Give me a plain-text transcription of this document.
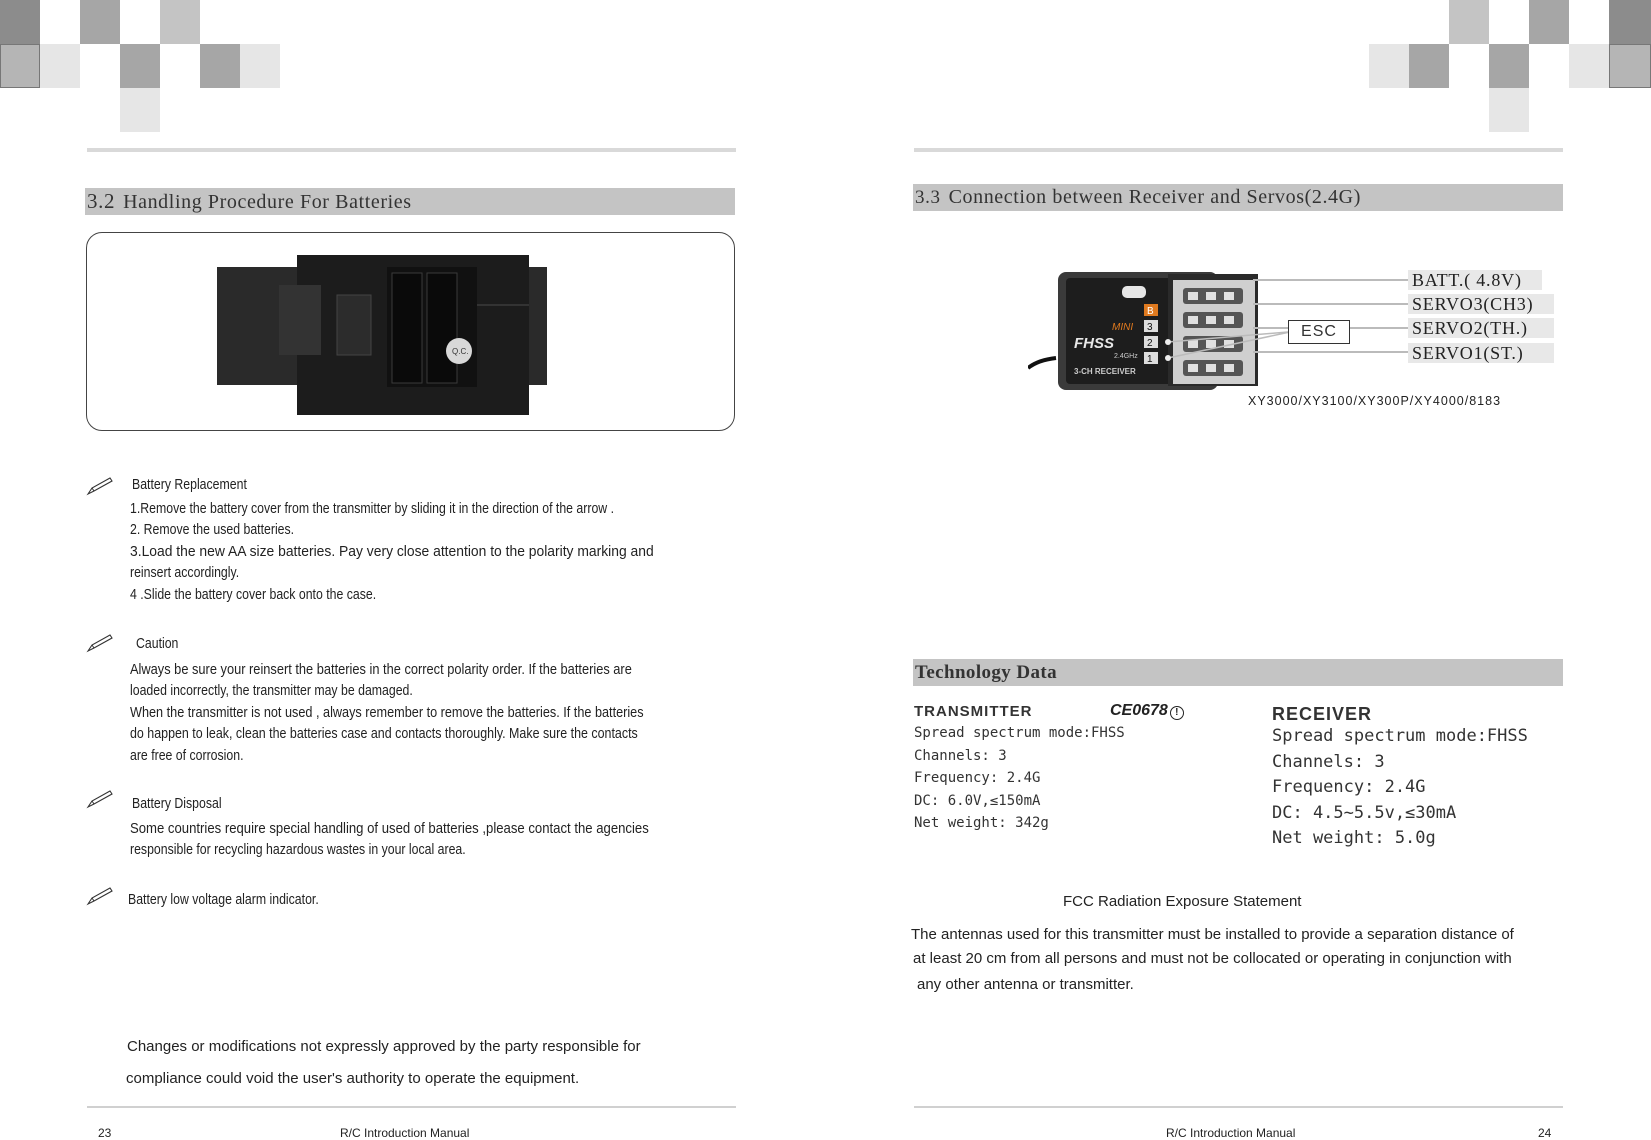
3.2 Handling Procedure For Batteries
Q.C.
Battery Replacement
1.Remove the battery cover from the transmitter by sliding it in the direction of the arrow .
2. Remove the used batteries.
3.Load the new AA size batteries. Pay very close attention to the polarity marking and
reinsert accordingly.
4 .Slide the battery cover back onto the case.
Caution
Always be sure your reinsert the batteries in the correct polarity order. If the batteries are
loaded incorrectly, the transmitter may be damaged.
When the transmitter is not used , always remember to remove the batteries. If the batteries
do happen to leak, clean the batteries case and contacts thoroughly. Make sure the contacts
are free of corrosion.
Battery Disposal
Some countries require special handling of used of batteries ,please contact the agencies
responsible for recycling hazardous wastes in your local area.
Battery low voltage alarm indicator.
Changes or modifications not expressly approved by the party responsible for
compliance could void the user's authority to operate the equipment.
23	R/C Introduction Manual
3.3 Connection between Receiver and Servos(2.4G)
B
3
2
1
MINI
FHSS
2.4GHz
3-CH RECEIVER
ESC
BATT.( 4.8V)
SERVO3(CH3)
SERVO2(TH.)
SERVO1(ST.)
XY3000/XY3100/XY300P/XY4000/8183
Technology Data
TRANSMITTER	CE0678 !
Spread spectrum mode:FHSS
Channels: 3
Frequency: 2.4G
DC: 6.0V,≤150mA
Net weight: 342g
RECEIVER
Spread spectrum mode:FHSS
Channels: 3
Frequency: 2.4G
DC: 4.5~5.5v,≤30mA
Net weight: 5.0g
FCC Radiation Exposure Statement
The antennas used for this transmitter must be installed to provide a separation distance of
at least 20 cm from all persons and must not be collocated or operating in conjunction with
any other antenna or transmitter.
R/C Introduction Manual	24
